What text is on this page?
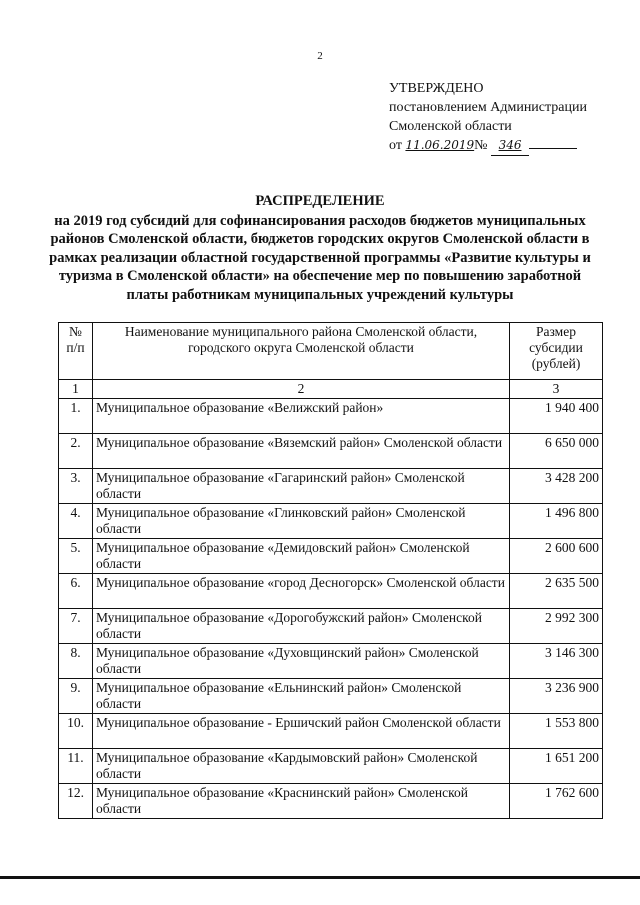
2
УТВЕРЖДЕНО
постановлением Администрации
Смоленской области
от 11.06.2019№ 346
РАСПРЕДЕЛЕНИЕ
на 2019 год субсидий для софинансирования расходов бюджетов муниципальных районов Смоленской области, бюджетов городских округов Смоленской области в рамках реализации областной государственной программы «Развитие культуры и туризма в Смоленской области» на обеспечение мер по повышению заработной платы работникам муниципальных учреждений культуры
№ п/п	Наименование муниципального района Смоленской области, городского округа Смоленской области	Размер субсидии (рублей)
1	2	3
1.	Муниципальное образование «Велижский район»	1 940 400
2.	Муниципальное образование «Вяземский район» Смоленской области	6 650 000
3.	Муниципальное образование «Гагаринский район» Смоленской области	3 428 200
4.	Муниципальное образование «Глинковский район» Смоленской области	1 496 800
5.	Муниципальное образование «Демидовский район» Смоленской области	2 600 600
6.	Муниципальное образование «город Десногорск» Смоленской области	2 635 500
7.	Муниципальное образование «Дорогобужский район» Смоленской области	2 992 300
8.	Муниципальное образование «Духовщинский район» Смоленской области	3 146 300
9.	Муниципальное образование «Ельнинский район» Смоленской области	3 236 900
10.	Муниципальное образование - Ершичский район Смоленской области	1 553 800
11.	Муниципальное образование «Кардымовский район» Смоленской области	1 651 200
12.	Муниципальное образование «Краснинский район» Смоленской области	1 762 600
